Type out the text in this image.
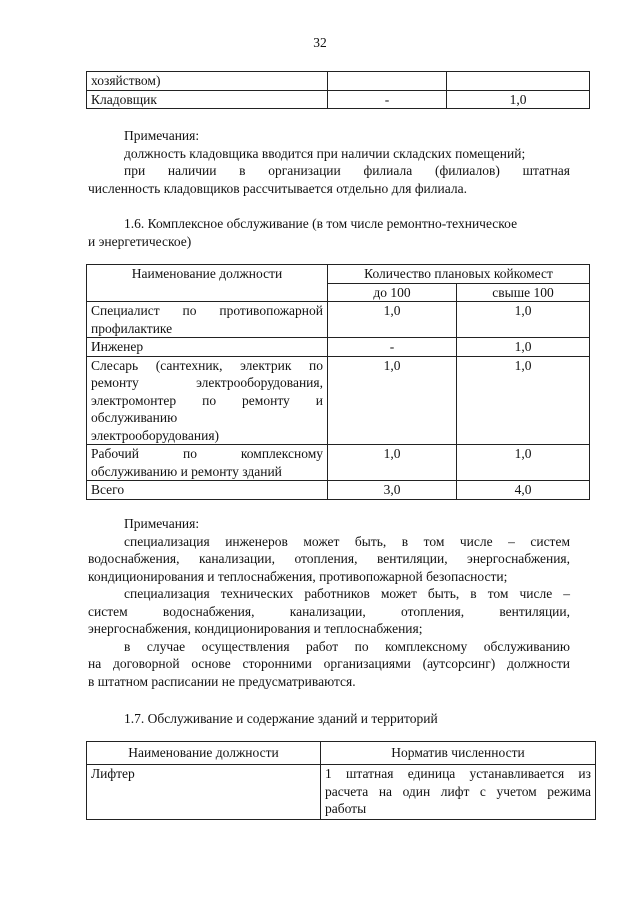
32
хозяйством)		
Кладовщик	-	1,0
Примечания:
должность кладовщика вводится при наличии складских помещений;
при наличии в организации филиала (филиалов) штатная
численность кладовщиков рассчитывается отдельно для филиала.
1.6. Комплексное обслуживание (в том числе ремонтно-техническое
и энергетическое)
Наименование должности	Количество плановых койкомест	
	до 100	свыше 100

Специалист по противопожарной
профилактике	1,0	1,0
Инженер	-	1,0

Слесарь (сантехник, электрик по
ремонту электрооборудования,
электромонтер по ремонту и
обслуживанию
электрооборудования)	1,0	1,0

Рабочий по комплексному
обслуживанию и ремонту зданий	1,0	1,0
Всего	3,0	4,0
Примечания:
специализация инженеров может быть, в том числе – систем
водоснабжения, канализации, отопления, вентиляции, энергоснабжения,
кондиционирования и теплоснабжения, противопожарной безопасности;
специализация технических работников может быть, в том числе –
систем водоснабжения, канализации, отопления, вентиляции,
энергоснабжения, кондиционирования и теплоснабжения;
в случае осуществления работ по комплексному обслуживанию
на договорной основе сторонними организациями (аутсорсинг) должности
в штатном расписании не предусматриваются.
1.7. Обслуживание и содержание зданий и территорий
Наименование должности	Норматив численности
Лифтер	1 штатная единица устанавливается из
расчета на один лифт с учетом режима
работы
